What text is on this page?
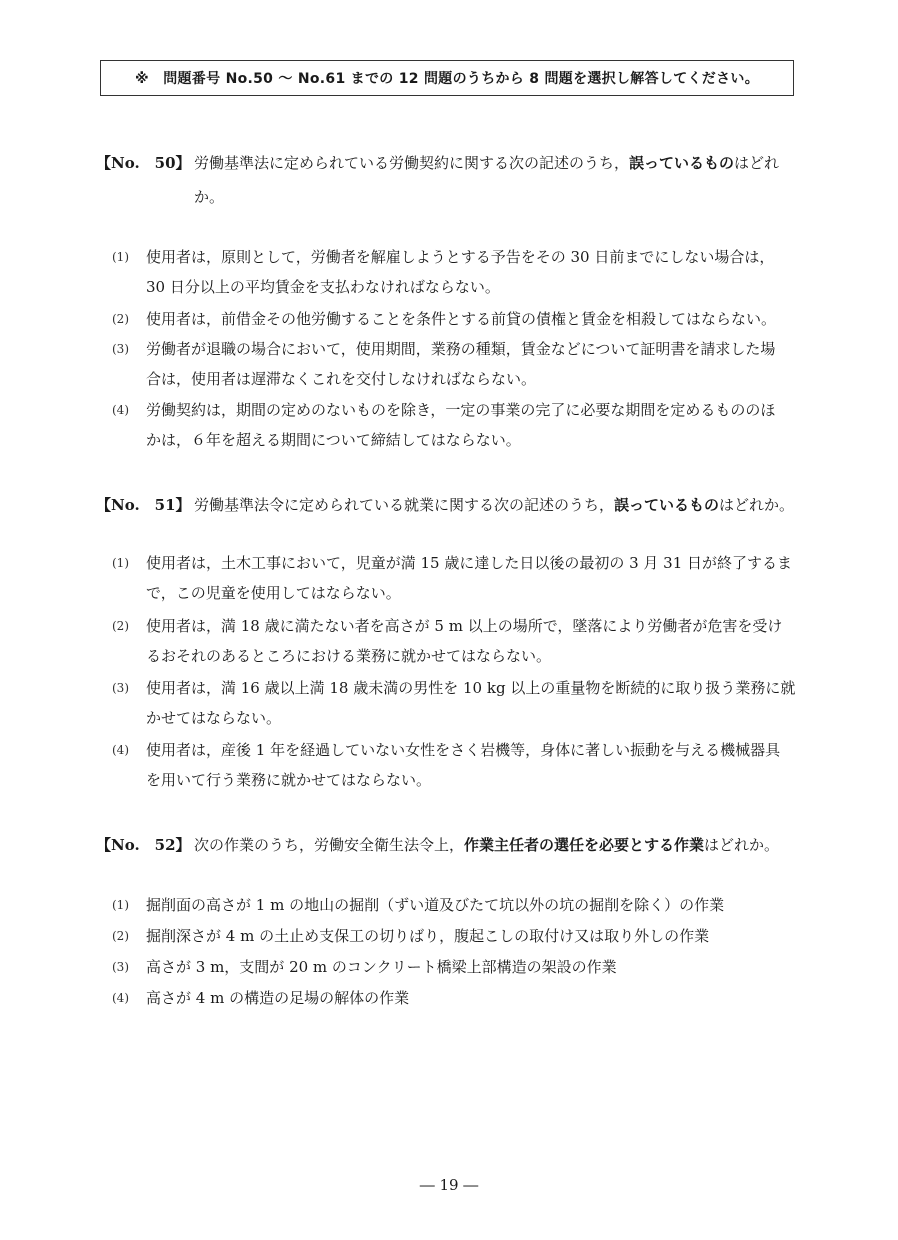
※　問題番号 No.50 ～ No.61 までの 12 問題のうちから 8 問題を選択し解答してください。
【No.　50】 労働基準法に定められている労働契約に関する次の記述のうち，誤っているものはどれか。
(1) 使用者は，原則として，労働者を解雇しようとする予告をその 30 日前までにしない場合は，
30 日分以上の平均賃金を支払わなければならない。
(2) 使用者は，前借金その他労働することを条件とする前貸の債権と賃金を相殺してはならない。
(3) 労働者が退職の場合において，使用期間，業務の種類，賃金などについて証明書を請求した場
合は，使用者は遅滞なくこれを交付しなければならない。
(4) 労働契約は，期間の定めのないものを除き，一定の事業の完了に必要な期間を定めるもののほ
かは，６年を超える期間について締結してはならない。
【No.　51】 労働基準法令に定められている就業に関する次の記述のうち，誤っているものはどれか。
(1) 使用者は，土木工事において，児童が満 15 歳に達した日以後の最初の 3 月 31 日が終了するま
で，この児童を使用してはならない。
(2) 使用者は，満 18 歳に満たない者を高さが 5 m 以上の場所で，墜落により労働者が危害を受け
るおそれのあるところにおける業務に就かせてはならない。
(3) 使用者は，満 16 歳以上満 18 歳未満の男性を 10 kg 以上の重量物を断続的に取り扱う業務に就
かせてはならない。
(4) 使用者は，産後 1 年を経過していない女性をさく岩機等，身体に著しい振動を与える機械器具
を用いて行う業務に就かせてはならない。
【No.　52】 次の作業のうち，労働安全衛生法令上，作業主任者の選任を必要とする作業はどれか。
(1) 掘削面の高さが 1 m の地山の掘削（ずい道及びたて坑以外の坑の掘削を除く）の作業
(2) 掘削深さが 4 m の土止め支保工の切りばり，腹起こしの取付け又は取り外しの作業
(3) 高さが 3 m，支間が 20 m のコンクリート橋梁上部構造の架設の作業
(4) 高さが 4 m の構造の足場の解体の作業
― 19 ―
